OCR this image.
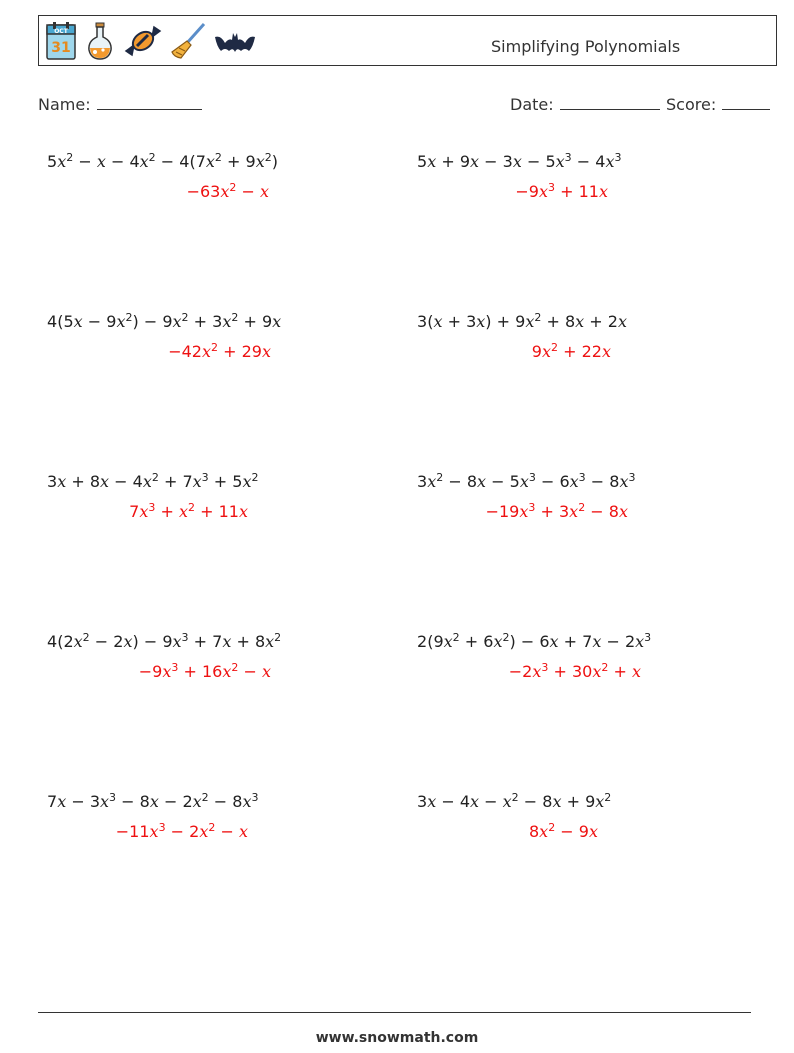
OCT
31	Simplifying Polynomials
Name:	Date:	Score:
$5x^2 - x - 4x^2 - 4(7x^2 + 9x^2)$
$-63x^2 - x$
$5x + 9x - 3x - 5x^3 - 4x^3$
$-9x^3 + 11x$
$4(5x - 9x^2) - 9x^2 + 3x^2 + 9x$
$-42x^2 + 29x$
$3(x + 3x) + 9x^2 + 8x + 2x$
$9x^2 + 22x$
$3x + 8x - 4x^2 + 7x^3 + 5x^2$
$7x^3 + x^2 + 11x$
$3x^2 - 8x - 5x^3 - 6x^3 - 8x^3$
$-19x^3 + 3x^2 - 8x$
$4(2x^2 - 2x) - 9x^3 + 7x + 8x^2$
$-9x^3 + 16x^2 - x$
$2(9x^2 + 6x^2) - 6x + 7x - 2x^3$
$-2x^3 + 30x^2 + x$
$7x - 3x^3 - 8x - 2x^2 - 8x^3$
$-11x^3 - 2x^2 - x$
$3x - 4x - x^2 - 8x + 9x^2$
$8x^2 - 9x$
www.snowmath.com
